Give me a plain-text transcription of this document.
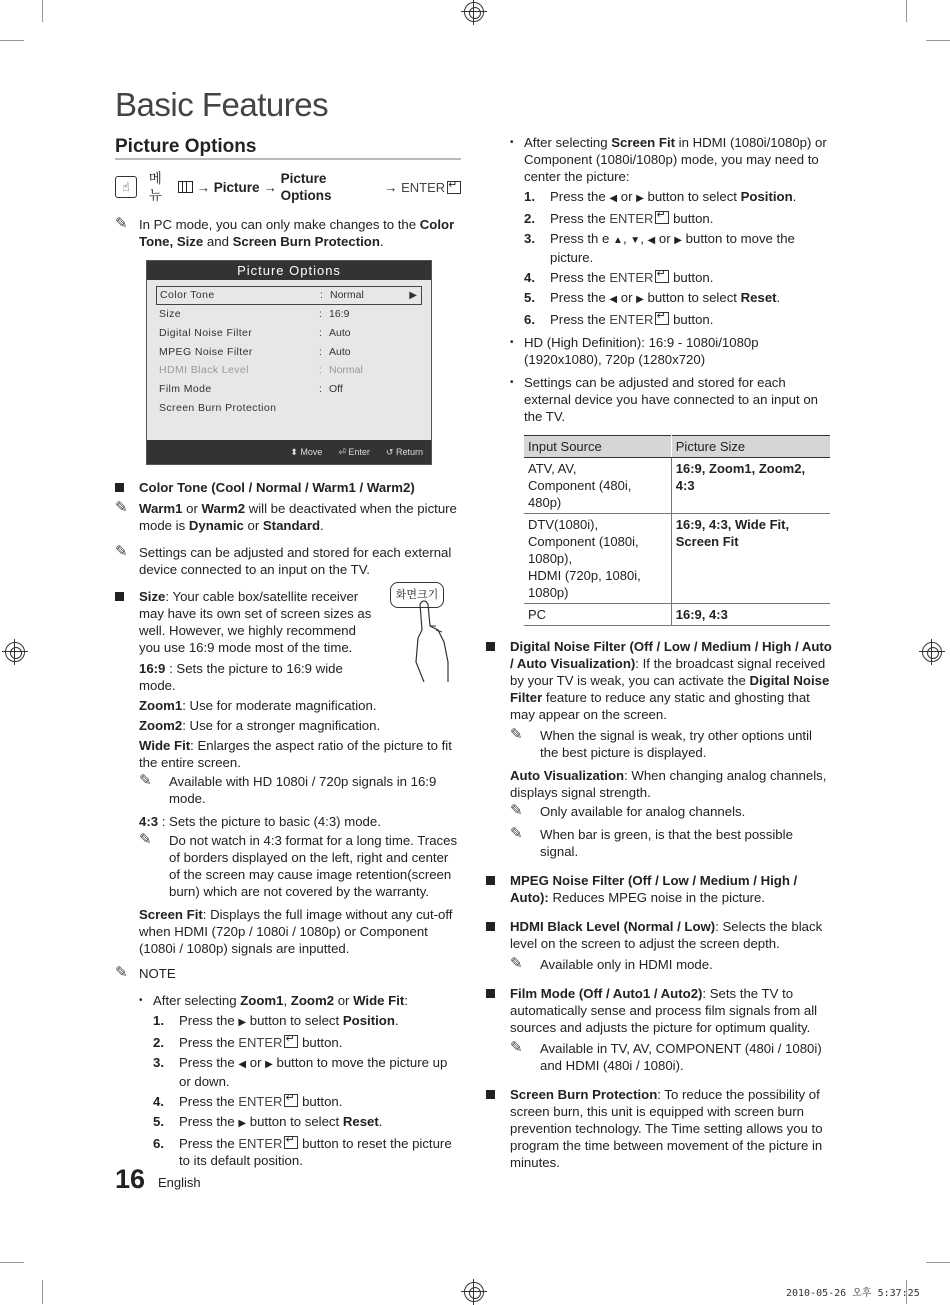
Basic Features
Picture Options
☝
메뉴
→
Picture
→

Picture Options

→
ENTER
↵
✎ In PC mode, you can only make changes to the Color Tone, Size and Screen Burn Protection.
Picture Options
Color Tone	: Normal	▶
Size	: 16:9
Digital Noise Filter	: Auto
MPEG Noise Filter	: Auto
HDMI Black Level	: Normal
Film Mode	: Off
Screen Burn Protection
⬍ Move ⏎ Enter ↺ Return
Color Tone (Cool / Normal / Warm1 / Warm2)
✎ Warm1 or Warm2 will be deactivated when the picture mode is Dynamic or Standard.
✎ Settings can be adjusted and stored for each external device connected to an input on the TV.
화면크기
Size: Your cable box/satellite receiver may have its own set of screen sizes as well. However, we highly recommend you use 16:9 mode most of the time.
16:9 : Sets the picture to 16:9 wide mode.
Zoom1: Use for moderate magnification.
Zoom2: Use for a stronger magnification.
Wide Fit: Enlarges the aspect ratio of the picture to fit the entire screen.
✎ Available with HD 1080i / 720p signals in 16:9 mode.
4:3 : Sets the picture to basic (4:3) mode.
✎ Do not watch in 4:3 format for a long time. Traces of borders displayed on the left, right and center of the screen may cause image retention(screen burn) which are not covered by the warranty.
Screen Fit: Displays the full image without any cut-off when HDMI (720p / 1080i / 1080p) or Component (1080i / 1080p) signals are inputted.
✎ NOTE
• After selecting Zoom1, Zoom2 or Wide Fit:
1. Press the ▶ button to select Position.
2. Press the ENTER↵ button.
3. Press the ◀ or ▶ button to move the picture up or down.
4. Press the ENTER↵ button.
5. Press the ▶ button to select Reset.
6. Press the ENTER↵ button to reset the picture to its default position.
• After selecting Screen Fit in HDMI (1080i/1080p) or Component (1080i/1080p) mode, you may need to center the picture:
1. Press the ◀ or ▶ button to select Position.
2. Press the ENTER↵ button.
3. Press th e ▲, ▼, ◀ or ▶ button to move the picture.
4. Press the ENTER↵ button.
5. Press the ◀ or ▶ button to select Reset.
6. Press the ENTER↵ button.
• HD (High Definition): 16:9 - 1080i/1080p (1920x1080), 720p (1280x720)
• Settings can be adjusted and stored for each external device you have connected to an input on the TV.
Input Source	Picture Size

ATV, AV,
Component (480i, 480p)	16:9, Zoom1, Zoom2, 4:3

DTV(1080i),
Component (1080i, 1080p),
HDMI (720p, 1080i, 1080p)	16:9, 4:3, Wide Fit, Screen Fit
PC	16:9, 4:3
Digital Noise Filter (Off / Low / Medium / High / Auto / Auto Visualization): If the broadcast signal received by your TV is weak, you can activate the Digital Noise Filter feature to reduce any static and ghosting that may appear on the screen.
✎ When the signal is weak, try other options until the best picture is displayed.
Auto Visualization: When changing analog channels, displays signal strength.
✎ Only available for analog channels.
✎ When bar is green, is that the best possible signal.
MPEG Noise Filter (Off / Low / Medium / High / Auto): Reduces MPEG noise in the picture.
HDMI Black Level (Normal / Low): Selects the black level on the screen to adjust the screen depth.
✎ Available only in HDMI mode.
Film Mode (Off / Auto1 / Auto2): Sets the TV to automatically sense and process film signals from all sources and adjusts the picture for optimum quality.
✎ Available in TV, AV, COMPONENT (480i / 1080i) and HDMI (480i / 1080i).
Screen Burn Protection: To reduce the possibility of screen burn, this unit is equipped with screen burn prevention technology. The Time setting allows you to program the time between movement of the picture in minutes.
16 English
2010-05-26 오후 5:37:25
